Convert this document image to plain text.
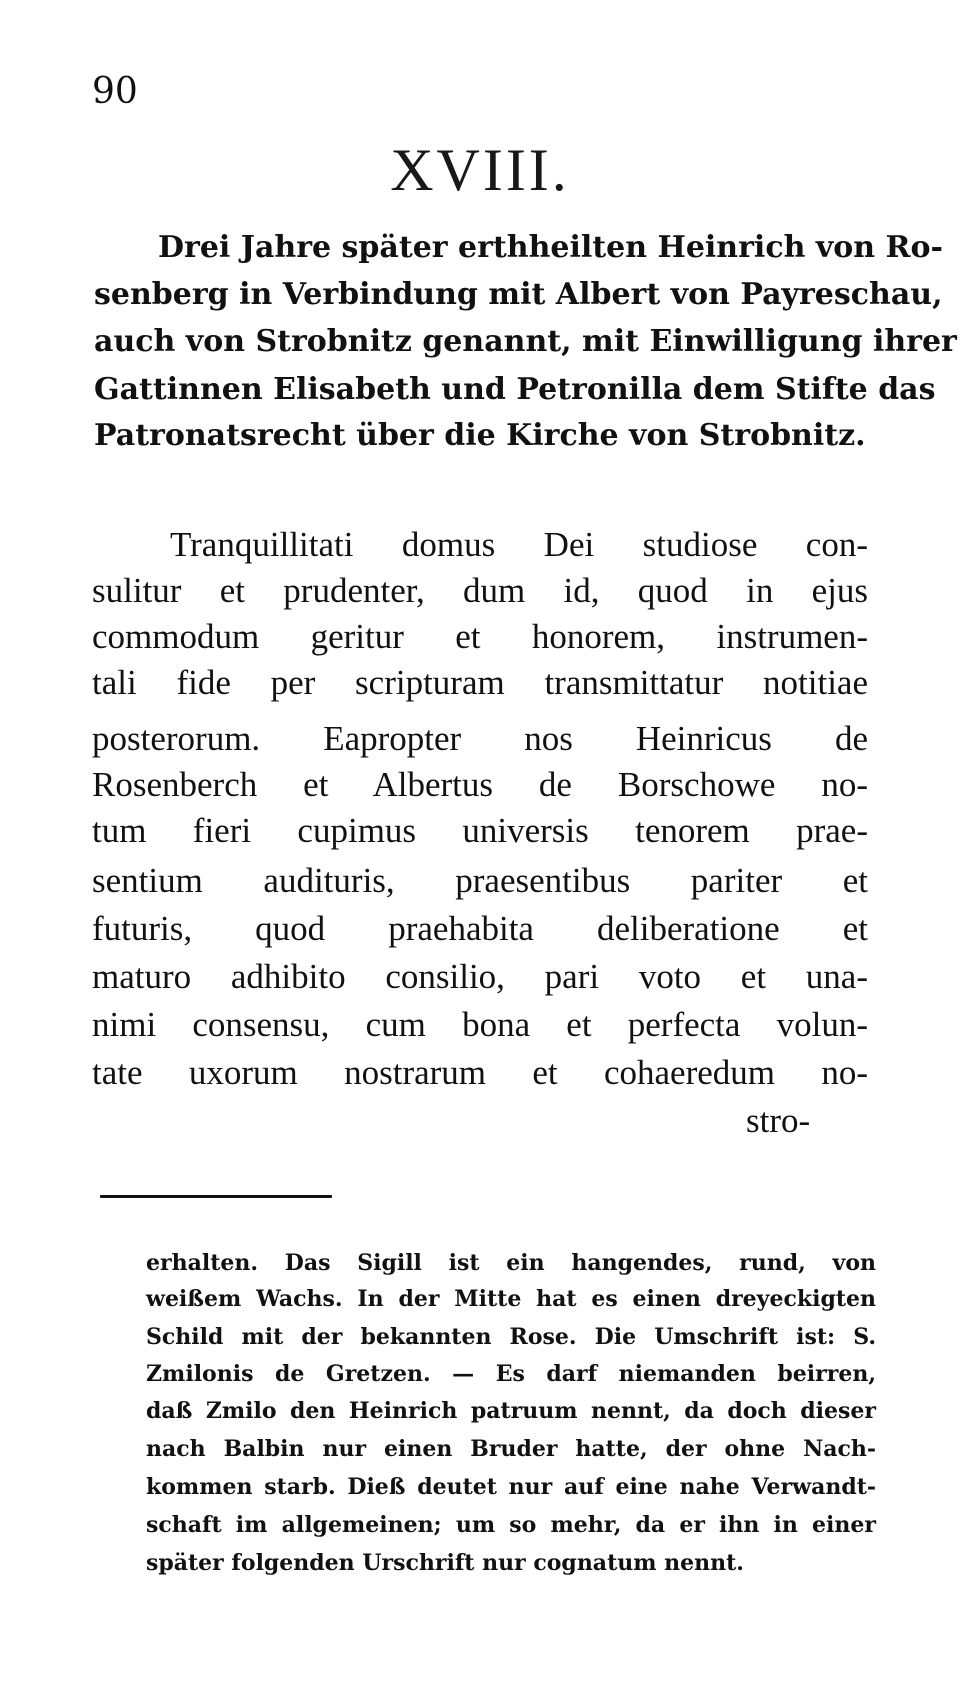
90
XVIII.
Drei Jahre später erthheilten Heinrich von Ro-
senberg in Verbindung mit Albert von Payreschau,
auch von Strobnitz genannt, mit Einwilligung ihrer
Gattinnen Elisabeth und Petronilla dem Stifte das
Patronatsrecht über die Kirche von Strobnitz.
Tranquillitati domus Dei studiose con-
sulitur et prudenter, dum id, quod in ejus
commodum geritur et honorem, instrumen-
tali fide per scripturam transmittatur notitiae
posterorum. Eapropter nos Heinricus de
Rosenberch et Albertus de Borschowe no-
tum fieri cupimus universis tenorem prae-
sentium audituris, praesentibus pariter et
futuris, quod praehabita deliberatione et
maturo adhibito consilio, pari voto et una-
nimi consensu, cum bona et perfecta volun-
tate uxorum nostrarum et cohaeredum no-
stro-
erhalten. Das Sigill ist ein hangendes, rund, von
weißem Wachs. In der Mitte hat es einen dreyeckigten
Schild mit der bekannten Rose. Die Umschrift ist: S.
Zmilonis de Gretzen. — Es darf niemanden beirren,
daß Zmilo den Heinrich patruum nennt, da doch dieser
nach Balbin nur einen Bruder hatte, der ohne Nach-
kommen starb. Dieß deutet nur auf eine nahe Verwandt-
schaft im allgemeinen; um so mehr, da er ihn in einer
später folgenden Urschrift nur cognatum nennt.
